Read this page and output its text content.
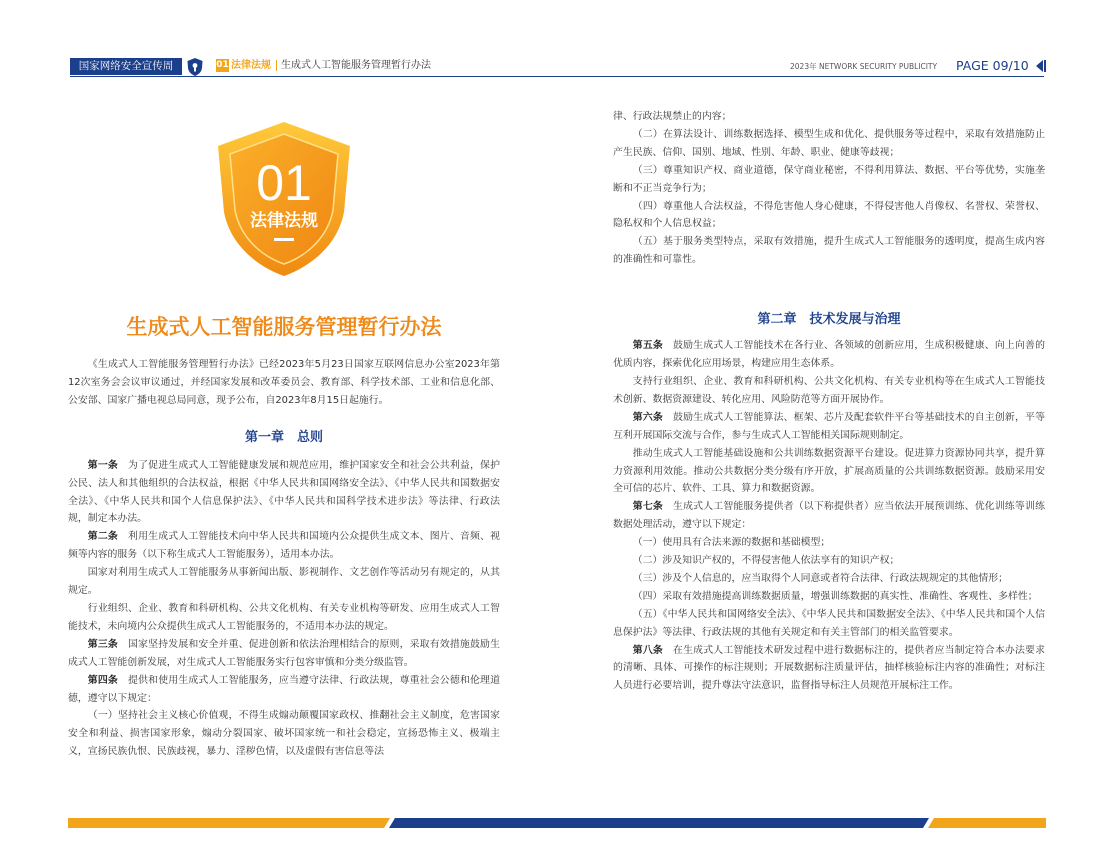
国家网络安全宣传周	01 法律法规 生成式人工智能服务管理暂行办法	2023年 NETWORK SECURITY PUBLICITY PAGE 09/10
01
法律法规
生成式人工智能服务管理暂行办法

《生成式人工智能服务管理暂行办法》已经2023年5月23日国家互联网信息办公室2023年第12次室务会会议审议通过，并经国家发展和改革委员会、教育部、科学技术部、工业和信息化部、公安部、国家广播电视总局同意，现予公布，自2023年8月15日起施行。

第一章　总则

第一条　 为了促进生成式人工智能健康发展和规范应用，维护国家安全和社会公共利益，保护公民、法人和其他组织的合法权益，根据《中华人民共和国网络安全法》、《中华人民共和国数据安全法》、《中华人民共和国个人信息保护法》、《中华人民共和国科学技术进步法》等法律、行政法规，制定本办法。

第二条　 利用生成式人工智能技术向中华人民共和国境内公众提供生成文本、图片、音频、视频等内容的服务（以下称生成式人工智能服务），适用本办法。

国家对利用生成式人工智能服务从事新闻出版、影视制作、文艺创作等活动另有规定的，从其规定。

行业组织、企业、教育和科研机构、公共文化机构、有关专业机构等研发、应用生成式人工智能技术，未向境内公众提供生成式人工智能服务的，不适用本办法的规定。

第三条　 国家坚持发展和安全并重、促进创新和依法治理相结合的原则，采取有效措施鼓励生成式人工智能创新发展，对生成式人工智能服务实行包容审慎和分类分级监管。

第四条　 提供和使用生成式人工智能服务，应当遵守法律、行政法规，尊重社会公德和伦理道德，遵守以下规定：

（一）坚持社会主义核心价值观，不得生成煽动颠覆国家政权、推翻社会主义制度，危害国家安全和利益、损害国家形象，煽动分裂国家、破坏国家统一和社会稳定，宣扬恐怖主义、极端主义，宣扬民族仇恨、民族歧视，暴力、淫秽色情，以及虚假有害信息等法

律、行政法规禁止的内容；

（二）在算法设计、训练数据选择、模型生成和优化、提供服务等过程中，采取有效措施防止产生民族、信仰、国别、地域、性别、年龄、职业、健康等歧视；

（三）尊重知识产权、商业道德，保守商业秘密，不得利用算法、数据、平台等优势，实施垄断和不正当竞争行为；

（四）尊重他人合法权益，不得危害他人身心健康，不得侵害他人肖像权、名誉权、荣誉权、隐私权和个人信息权益；

（五）基于服务类型特点，采取有效措施，提升生成式人工智能服务的透明度，提高生成内容的准确性和可靠性。

第二章　技术发展与治理

第五条　 鼓励生成式人工智能技术在各行业、各领域的创新应用，生成积极健康、向上向善的优质内容，探索优化应用场景，构建应用生态体系。

支持行业组织、企业、教育和科研机构、公共文化机构、有关专业机构等在生成式人工智能技术创新、数据资源建设、转化应用、风险防范等方面开展协作。

第六条　 鼓励生成式人工智能算法、框架、芯片及配套软件平台等基础技术的自主创新，平等互利开展国际交流与合作，参与生成式人工智能相关国际规则制定。

推动生成式人工智能基础设施和公共训练数据资源平台建设。促进算力资源协同共享，提升算力资源利用效能。推动公共数据分类分级有序开放，扩展高质量的公共训练数据资源。鼓励采用安全可信的芯片、软件、工具、算力和数据资源。

第七条　 生成式人工智能服务提供者（以下称提供者）应当依法开展预训练、优化训练等训练数据处理活动，遵守以下规定：

（一）使用具有合法来源的数据和基础模型；

（二）涉及知识产权的，不得侵害他人依法享有的知识产权；

（三）涉及个人信息的，应当取得个人同意或者符合法律、行政法规规定的其他情形；

（四）采取有效措施提高训练数据质量，增强训练数据的真实性、准确性、客观性、多样性；

（五）《中华人民共和国网络安全法》、《中华人民共和国数据安全法》、《中华人民共和国个人信息保护法》等法律、行政法规的其他有关规定和有关主管部门的相关监管要求。

第八条　 在生成式人工智能技术研发过程中进行数据标注的，提供者应当制定符合本办法要求的清晰、具体、可操作的标注规则；开展数据标注质量评估，抽样核验标注内容的准确性；对标注人员进行必要培训，提升尊法守法意识，监督指导标注人员规范开展标注工作。
